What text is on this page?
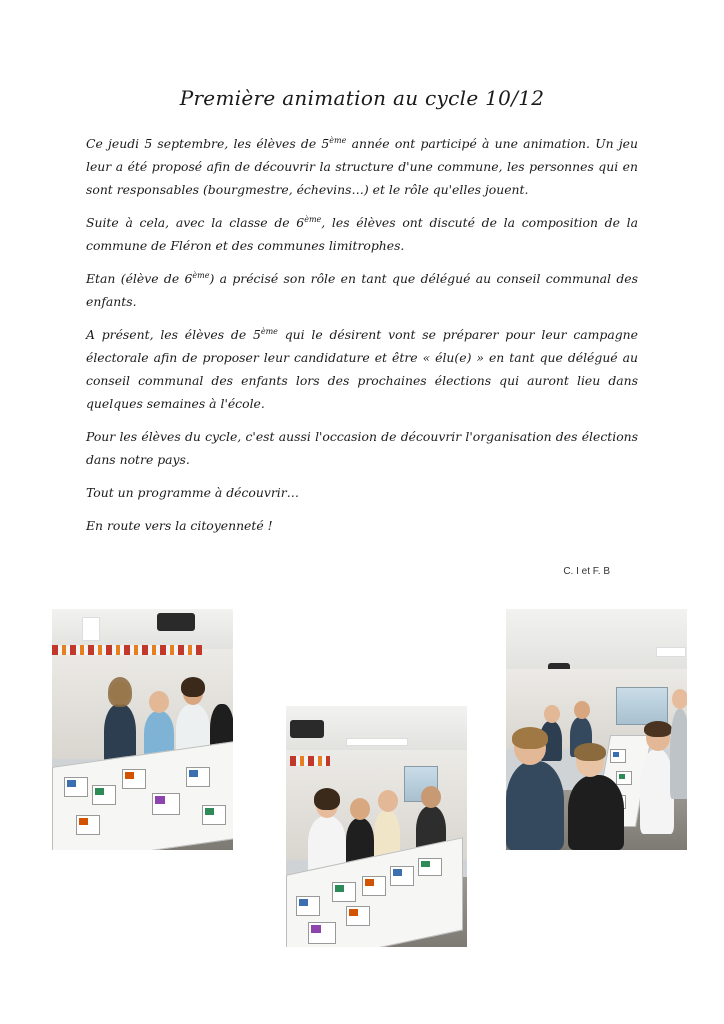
Première animation au cycle 10/12

Ce jeudi 5 septembre, les élèves de 5ème année ont participé à une animation. Un jeu leur a été proposé afin de découvrir la structure d'une commune, les personnes qui en sont responsables (bourgmestre, échevins…) et le rôle qu'elles jouent.

Suite à cela, avec la classe de 6ème, les élèves ont discuté de la composition de la commune de Fléron et des communes limitrophes.

Etan (élève de 6ème) a précisé son rôle en tant que délégué au conseil communal des enfants.

A présent, les élèves de 5ème qui le désirent vont se préparer pour leur campagne électorale afin de proposer leur candidature et être « élu(e) » en tant que délégué au conseil communal des enfants lors des prochaines élections qui auront lieu dans quelques semaines à l'école.

Pour les élèves du cycle, c'est aussi l'occasion de découvrir l'organisation des élections dans notre pays.

Tout un programme à découvrir…

En route vers la citoyenneté !

C. I et F. B
